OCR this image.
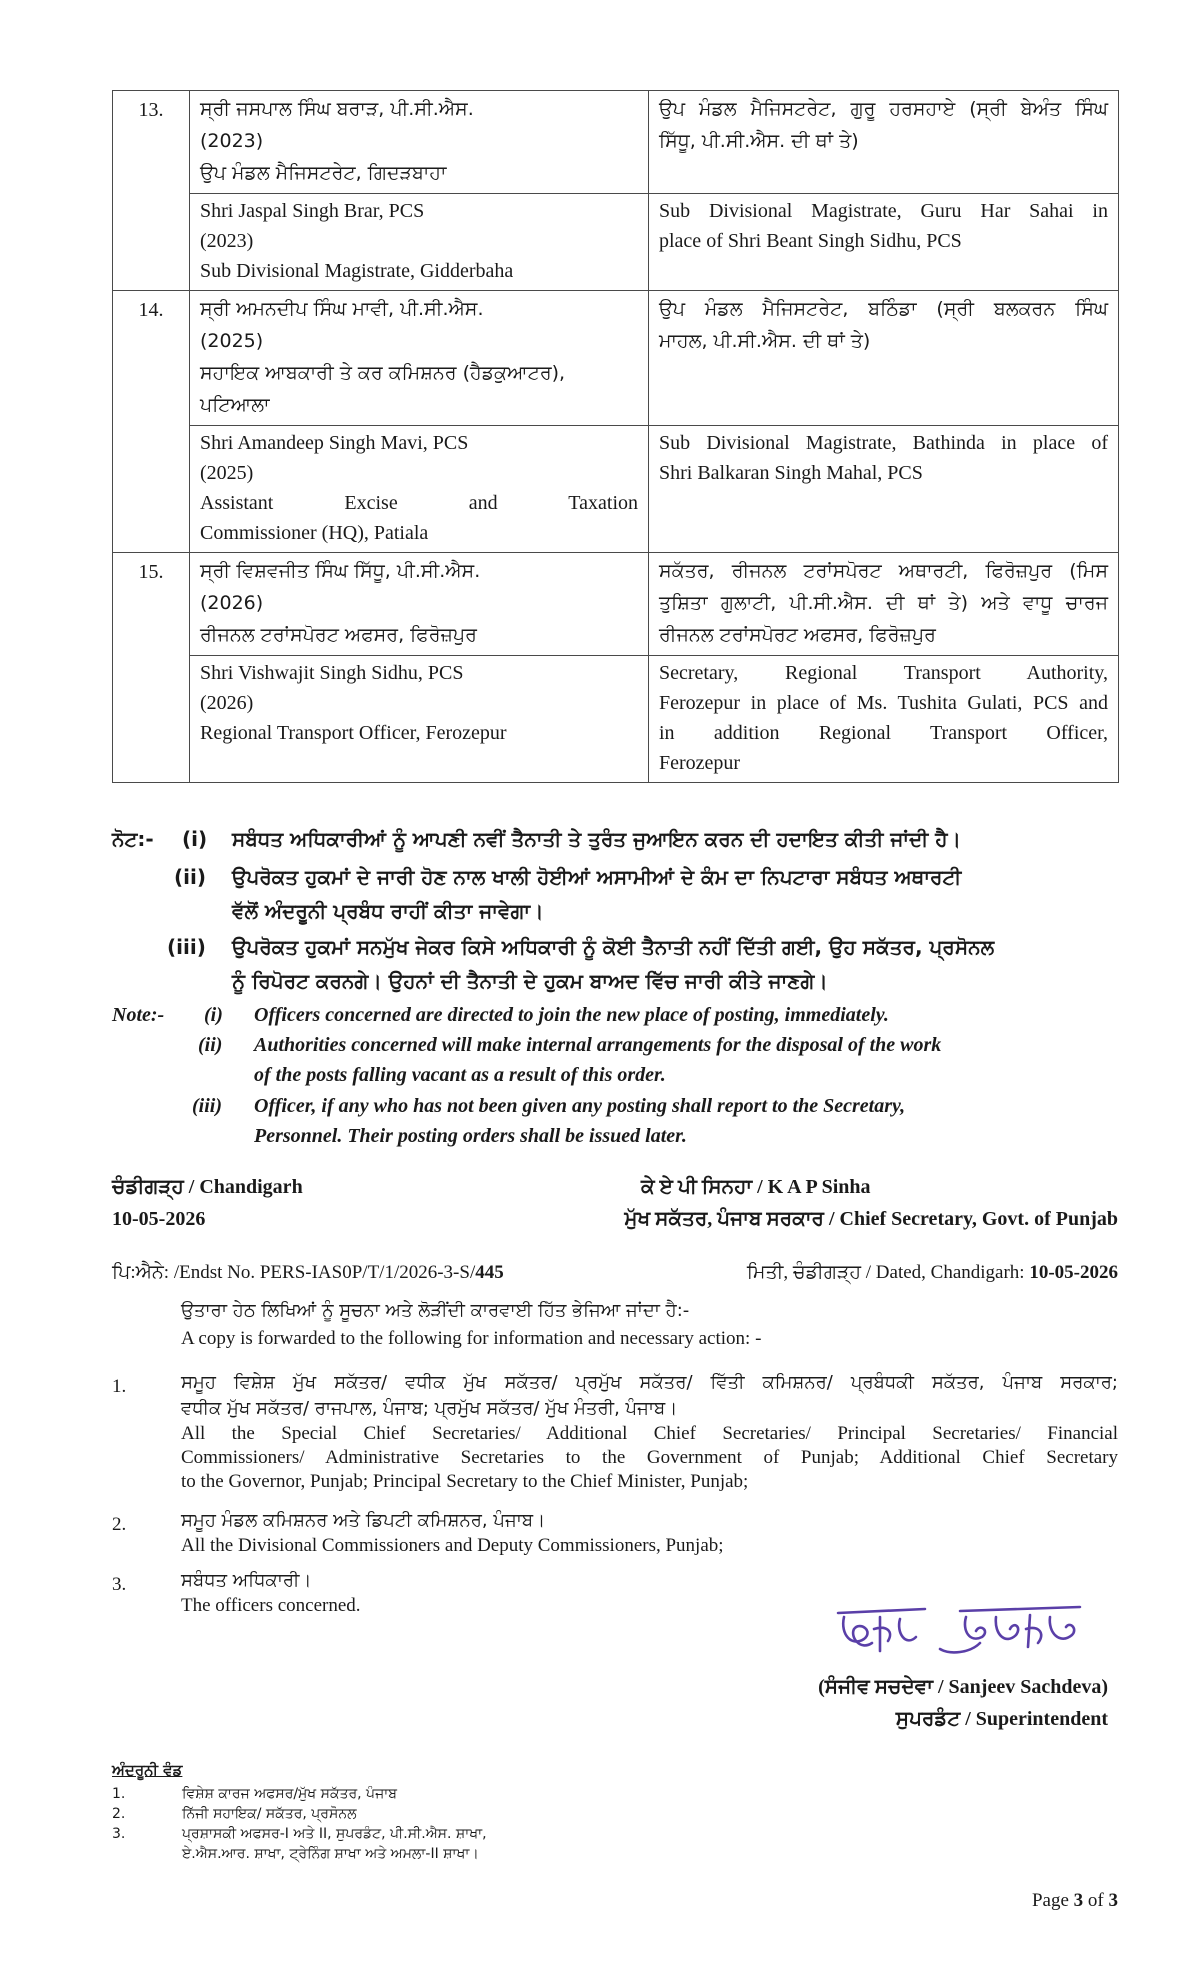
13.	ਸ੍ਰੀ ਜਸਪਾਲ ਸਿੰਘ ਬਰਾੜ, ਪੀ.ਸੀ.ਐਸ.
(2023)
ਉਪ ਮੰਡਲ ਮੈਜਿਸਟਰੇਟ, ਗਿਦੜਬਾਹਾ	ਉਪ ਮੰਡਲ ਮੈਜਿਸਟਰੇਟ, ਗੁਰੂ ਹਰਸਹਾਏ (ਸ੍ਰੀ ਬੇਅੰਤ ਸਿੰਘ
ਸਿੱਧੂ, ਪੀ.ਸੀ.ਐਸ. ਦੀ ਥਾਂ ਤੇ)

	Shri Jaspal Singh Brar, PCS
(2023)
Sub Divisional Magistrate, Gidderbaha	Sub Divisional Magistrate, Guru Har Sahai in
place of Shri Beant Singh Sidhu, PCS

14.	ਸ੍ਰੀ ਅਮਨਦੀਪ ਸਿੰਘ ਮਾਵੀ, ਪੀ.ਸੀ.ਐਸ.
(2025)
ਸਹਾਇਕ ਆਬਕਾਰੀ ਤੇ ਕਰ ਕਮਿਸ਼ਨਰ (ਹੈਡਕੁਆਟਰ),
ਪਟਿਆਲਾ	ਉਪ ਮੰਡਲ ਮੈਜਿਸਟਰੇਟ, ਬਠਿੰਡਾ (ਸ੍ਰੀ ਬਲਕਰਨ ਸਿੰਘ
ਮਾਹਲ, ਪੀ.ਸੀ.ਐਸ. ਦੀ ਥਾਂ ਤੇ)

	Shri Amandeep Singh Mavi, PCS
(2025)
Assistant Excise and Taxation
Commissioner (HQ), Patiala	Sub Divisional Magistrate, Bathinda in place of
Shri Balkaran Singh Mahal, PCS

15.	ਸ੍ਰੀ ਵਿਸ਼ਵਜੀਤ ਸਿੰਘ ਸਿੱਧੂ, ਪੀ.ਸੀ.ਐਸ.
(2026)
ਰੀਜਨਲ ਟਰਾਂਸਪੋਰਟ ਅਫਸਰ, ਫਿਰੋਜ਼ਪੁਰ	ਸਕੱਤਰ, ਰੀਜਨਲ ਟਰਾਂਸਪੋਰਟ ਅਥਾਰਟੀ, ਫਿਰੋਜ਼ਪੁਰ (ਮਿਸ
ਤੁਸ਼ਿਤਾ ਗੁਲਾਟੀ, ਪੀ.ਸੀ.ਐਸ. ਦੀ ਥਾਂ ਤੇ) ਅਤੇ ਵਾਧੂ ਚਾਰਜ
ਰੀਜਨਲ ਟਰਾਂਸਪੋਰਟ ਅਫਸਰ, ਫਿਰੋਜ਼ਪੁਰ

	Shri Vishwajit Singh Sidhu, PCS
(2026)
Regional Transport Officer, Ferozepur	Secretary, Regional Transport Authority,
Ferozepur in place of Ms. Tushita Gulati, PCS and
in addition Regional Transport Officer,
Ferozepur
ਨੋਟ:- (i) ਸਬੰਧਤ ਅਧਿਕਾਰੀਆਂ ਨੂੰ ਆਪਣੀ ਨਵੀਂ ਤੈਨਾਤੀ ਤੇ ਤੁਰੰਤ ਜੁਆਇਨ ਕਰਨ ਦੀ ਹਦਾਇਤ ਕੀਤੀ ਜਾਂਦੀ ਹੈ।
(ii) ਉਪਰੋਕਤ ਹੁਕਮਾਂ ਦੇ ਜਾਰੀ ਹੋਣ ਨਾਲ ਖਾਲੀ ਹੋਈਆਂ ਅਸਾਮੀਆਂ ਦੇ ਕੰਮ ਦਾ ਨਿਪਟਾਰਾ ਸਬੰਧਤ ਅਥਾਰਟੀ
ਵੱਲੋਂ ਅੰਦਰੂਨੀ ਪ੍ਰਬੰਧ ਰਾਹੀਂ ਕੀਤਾ ਜਾਵੇਗਾ।
(iii) ਉਪਰੋਕਤ ਹੁਕਮਾਂ ਸਨਮੁੱਖ ਜੇਕਰ ਕਿਸੇ ਅਧਿਕਾਰੀ ਨੂੰ ਕੋਈ ਤੈਨਾਤੀ ਨਹੀਂ ਦਿੱਤੀ ਗਈ, ਉਹ ਸਕੱਤਰ, ਪ੍ਰਸੋਨਲ
ਨੂੰ ਰਿਪੋਰਟ ਕਰਨਗੇ। ਉਹਨਾਂ ਦੀ ਤੈਨਾਤੀ ਦੇ ਹੁਕਮ ਬਾਅਦ ਵਿੱਚ ਜਾਰੀ ਕੀਤੇ ਜਾਣਗੇ।
Note:- (i) Officers concerned are directed to join the new place of posting, immediately.
(ii) Authorities concerned will make internal arrangements for the disposal of the work
of the posts falling vacant as a result of this order.
(iii) Officer, if any who has not been given any posting shall report to the Secretary,
Personnel. Their posting orders shall be issued later.
ਚੰਡੀਗੜ੍ਹ / Chandigarh
10-05-2026
ਕੇ ਏ ਪੀ ਸਿਨਹਾ / K A P Sinha
ਮੁੱਖ ਸਕੱਤਰ, ਪੰਜਾਬ ਸਰਕਾਰ / Chief Secretary, Govt. of Punjab
ਪਿ:ਐਨੇ: /Endst No. PERS-IAS0P/T/1/2026-3-S/445	ਮਿਤੀ, ਚੰਡੀਗੜ੍ਹ / Dated, Chandigarh: 10-05-2026
ਉਤਾਰਾ ਹੇਠ ਲਿਖਿਆਂ ਨੂੰ ਸੂਚਨਾ ਅਤੇ ਲੋੜੀਂਦੀ ਕਾਰਵਾਈ ਹਿੱਤ ਭੇਜਿਆ ਜਾਂਦਾ ਹੈ:-
A copy is forwarded to the following for information and necessary action: -
1.	ਸਮੂਹ ਵਿਸ਼ੇਸ਼ ਮੁੱਖ ਸਕੱਤਰ/ ਵਧੀਕ ਮੁੱਖ ਸਕੱਤਰ/ ਪ੍ਰਮੁੱਖ ਸਕੱਤਰ/ ਵਿੱਤੀ ਕਮਿਸ਼ਨਰ/ ਪ੍ਰਬੰਧਕੀ ਸਕੱਤਰ, ਪੰਜਾਬ ਸਰਕਾਰ;
ਵਧੀਕ ਮੁੱਖ ਸਕੱਤਰ/ ਰਾਜਪਾਲ, ਪੰਜਾਬ; ਪ੍ਰਮੁੱਖ ਸਕੱਤਰ/ ਮੁੱਖ ਮੰਤਰੀ, ਪੰਜਾਬ।
All the Special Chief Secretaries/ Additional Chief Secretaries/ Principal Secretaries/ Financial
Commissioners/ Administrative Secretaries to the Government of Punjab; Additional Chief Secretary
to the Governor, Punjab; Principal Secretary to the Chief Minister, Punjab;
2.	ਸਮੂਹ ਮੰਡਲ ਕਮਿਸ਼ਨਰ ਅਤੇ ਡਿਪਟੀ ਕਮਿਸ਼ਨਰ, ਪੰਜਾਬ।
All the Divisional Commissioners and Deputy Commissioners, Punjab;
3.	ਸਬੰਧਤ ਅਧਿਕਾਰੀ।
The officers concerned.
(ਸੰਜੀਵ ਸਚਦੇਵਾ / Sanjeev Sachdeva)
ਸੁਪਰਡੰਟ / Superintendent
ਅੰਦਰੂਨੀ ਵੰਡ
1.	ਵਿਸ਼ੇਸ਼ ਕਾਰਜ ਅਫਸਰ/ਮੁੱਖ ਸਕੱਤਰ, ਪੰਜਾਬ
2.	ਨਿੱਜੀ ਸਹਾਇਕ/ ਸਕੱਤਰ, ਪ੍ਰਸੋਨਲ
3.	ਪ੍ਰਸ਼ਾਸਕੀ ਅਫਸਰ-I ਅਤੇ II, ਸੁਪਰਡੰਟ, ਪੀ.ਸੀ.ਐਸ. ਸ਼ਾਖਾ,
ਏ.ਐਸ.ਆਰ. ਸ਼ਾਖਾ, ਟ੍ਰੇਨਿੰਗ ਸ਼ਾਖਾ ਅਤੇ ਅਮਲਾ-II ਸ਼ਾਖਾ।
Page 3 of 3
